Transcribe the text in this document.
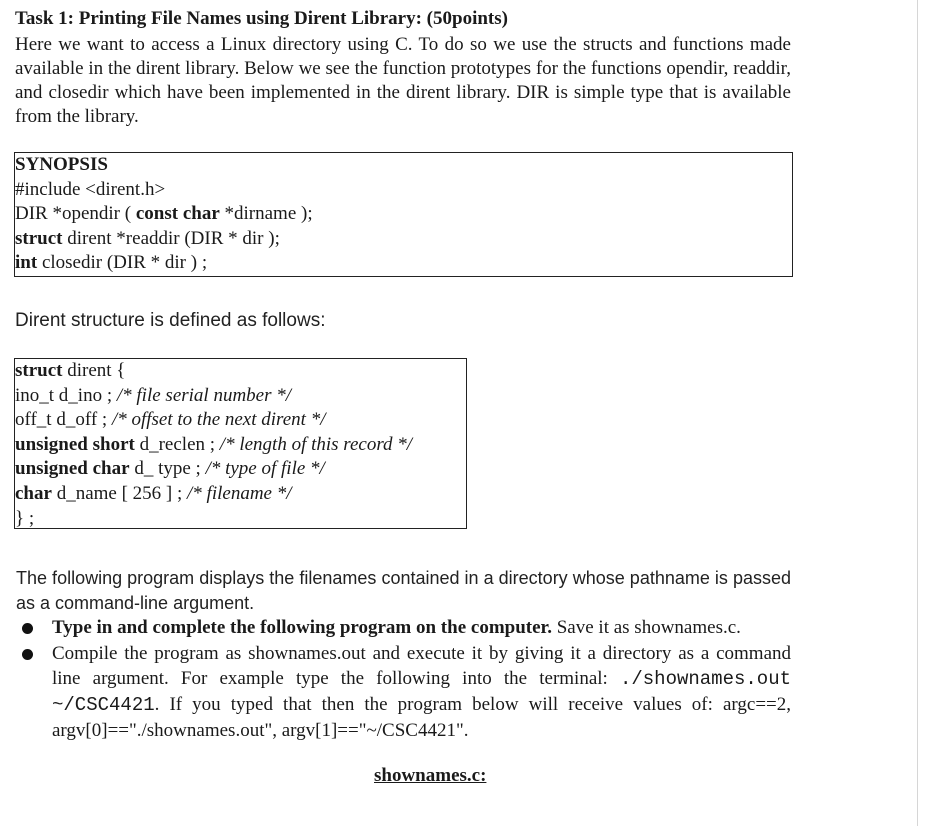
Task 1: Printing File Names using Dirent Library: (50points)
Here we want to access a Linux directory using C. To do so we use the structs and functions made available in the dirent library. Below we see the function prototypes for the functions opendir, readdir, and closedir which have been implemented in the dirent library. DIR is simple type that is available from the library.
SYNOPSIS
#include <dirent.h>
DIR *opendir ( const char *dirname );
struct dirent *readdir (DIR * dir );
int closedir (DIR * dir ) ;
Dirent structure is defined as follows:
struct dirent {
ino_t d_ino ; /* file serial number */
off_t d_off ; /* offset to the next dirent */
unsigned short d_reclen ; /* length of this record */
unsigned char d_ type ; /* type of file */
char d_name [ 256 ] ; /* filename */
} ;
The following program displays the filenames contained in a directory whose pathname is passed as a command-line argument.
Type in and complete the following program on the computer. Save it as shownames.c.
Compile the program as shownames.out and execute it by giving it a directory as a command line argument. For example type the following into the terminal: ./shownames.out ~/CSC4421. If you typed that then the program below will receive values of: argc==2, argv[0]=="./shownames.out", argv[1]=="~/CSC4421".
shownames.c:
